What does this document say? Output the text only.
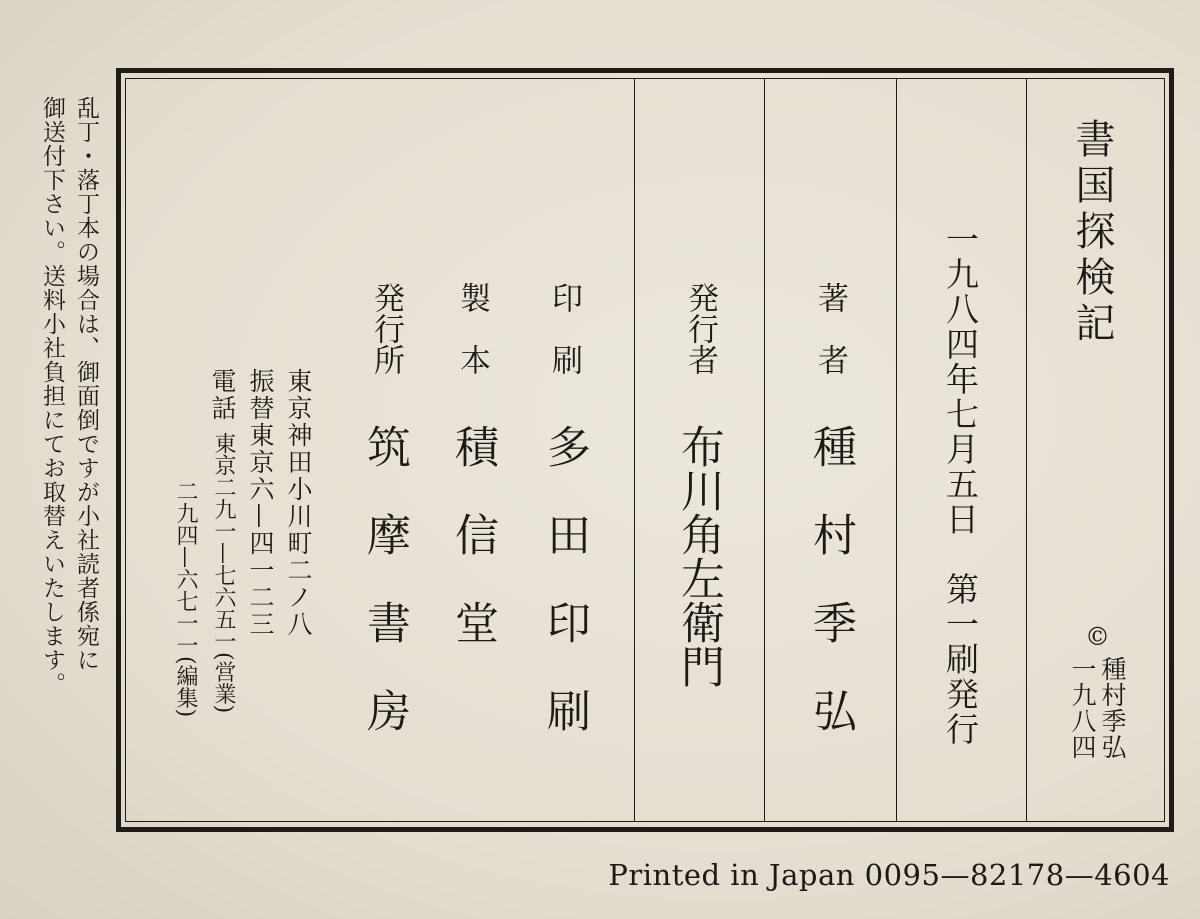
書国探検記
©
種村季弘
一九八四
一九八四年七月五日　第一刷発行
著　者
種　村　季　弘
発行者
布川角左衛門
印　刷
多　田　印　刷
製　本
積　信　堂
発行所
筑　摩　書　房
東京神田小川町二ノ八
振替東京六—四一二三
電話
東京二九一—七六五一(営業)
二九四—六七一一(編集)
乱丁・落丁本の場合は、御面倒ですが小社読者係宛に
御送付下さい。送料小社負担にてお取替えいたします。
Printed in Japan 0095—82178—4604
